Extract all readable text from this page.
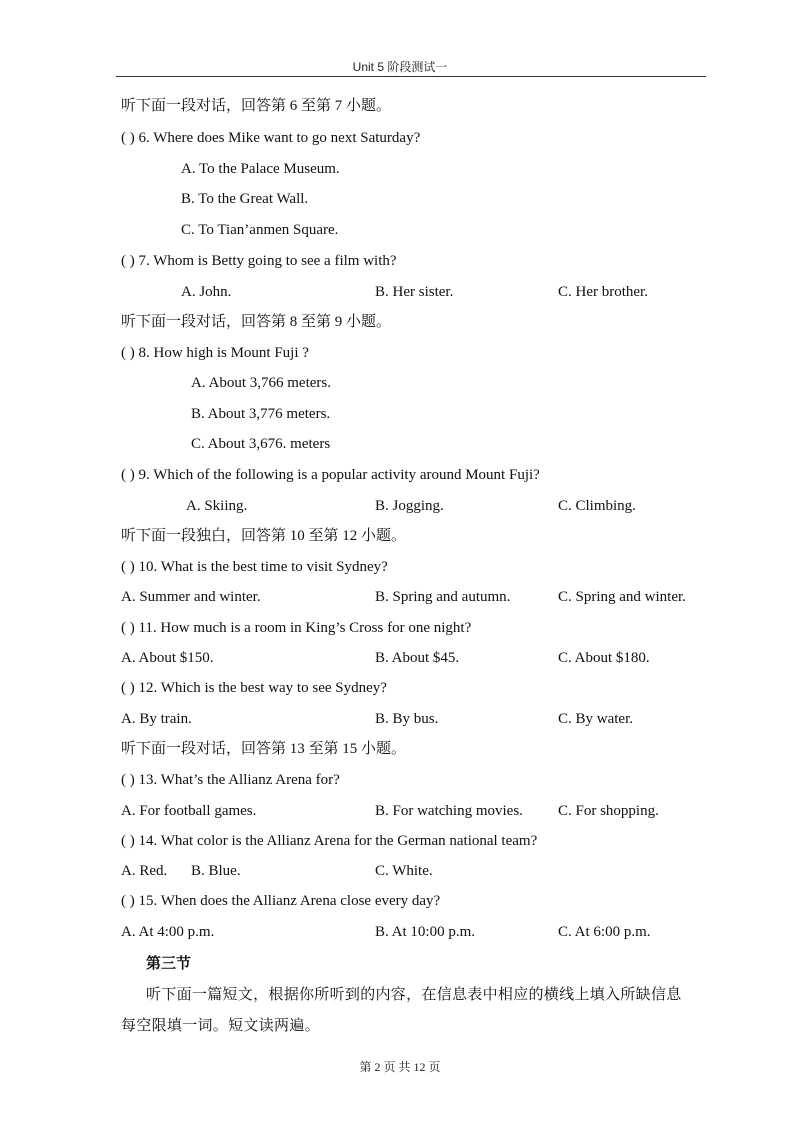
Unit 5 阶段测试一
听下面一段对话，回答第 6 至第 7 小题。
( ) 6. Where does Mike want to go next Saturday?
A. To the Palace Museum.
B. To the Great Wall.
C. To Tian’anmen Square.
( ) 7. Whom is Betty going to see a film with?
A. John.	B. Her sister.	C. Her brother.
听下面一段对话，回答第 8 至第 9 小题。
( ) 8. How high is Mount Fuji ?
A. About 3,766 meters.
B. About 3,776 meters.
C. About 3,676. meters
( ) 9. Which of the following is a popular activity around Mount Fuji?
A. Skiing.	B. Jogging.	C. Climbing.
听下面一段独白，回答第 10 至第 12 小题。
( ) 10. What is the best time to visit Sydney?
A. Summer and winter.	B. Spring and autumn.	C. Spring and winter.
( ) 11. How much is a room in King’s Cross for one night?
A. About $150.	B. About $45.	C. About $180.
( ) 12. Which is the best way to see Sydney?
A. By train.	B. By bus.	C. By water.
听下面一段对话，回答第 13 至第 15 小题。
( ) 13. What’s the Allianz Arena for?
A. For football games.	B. For watching movies. C. For shopping.
( ) 14. What color is the Allianz Arena for the German national team?
A. Red. B. Blue.	C. White.
( ) 15. When does the Allianz Arena close every day?
A. At 4:00 p.m.	B. At 10:00 p.m.	C. At 6:00 p.m.
第三节
听下面一篇短文，根据你所听到的内容，在信息表中相应的横线上填入所缺信息
每空限填一词。短文读两遍。
第 2 页 共 12 页
